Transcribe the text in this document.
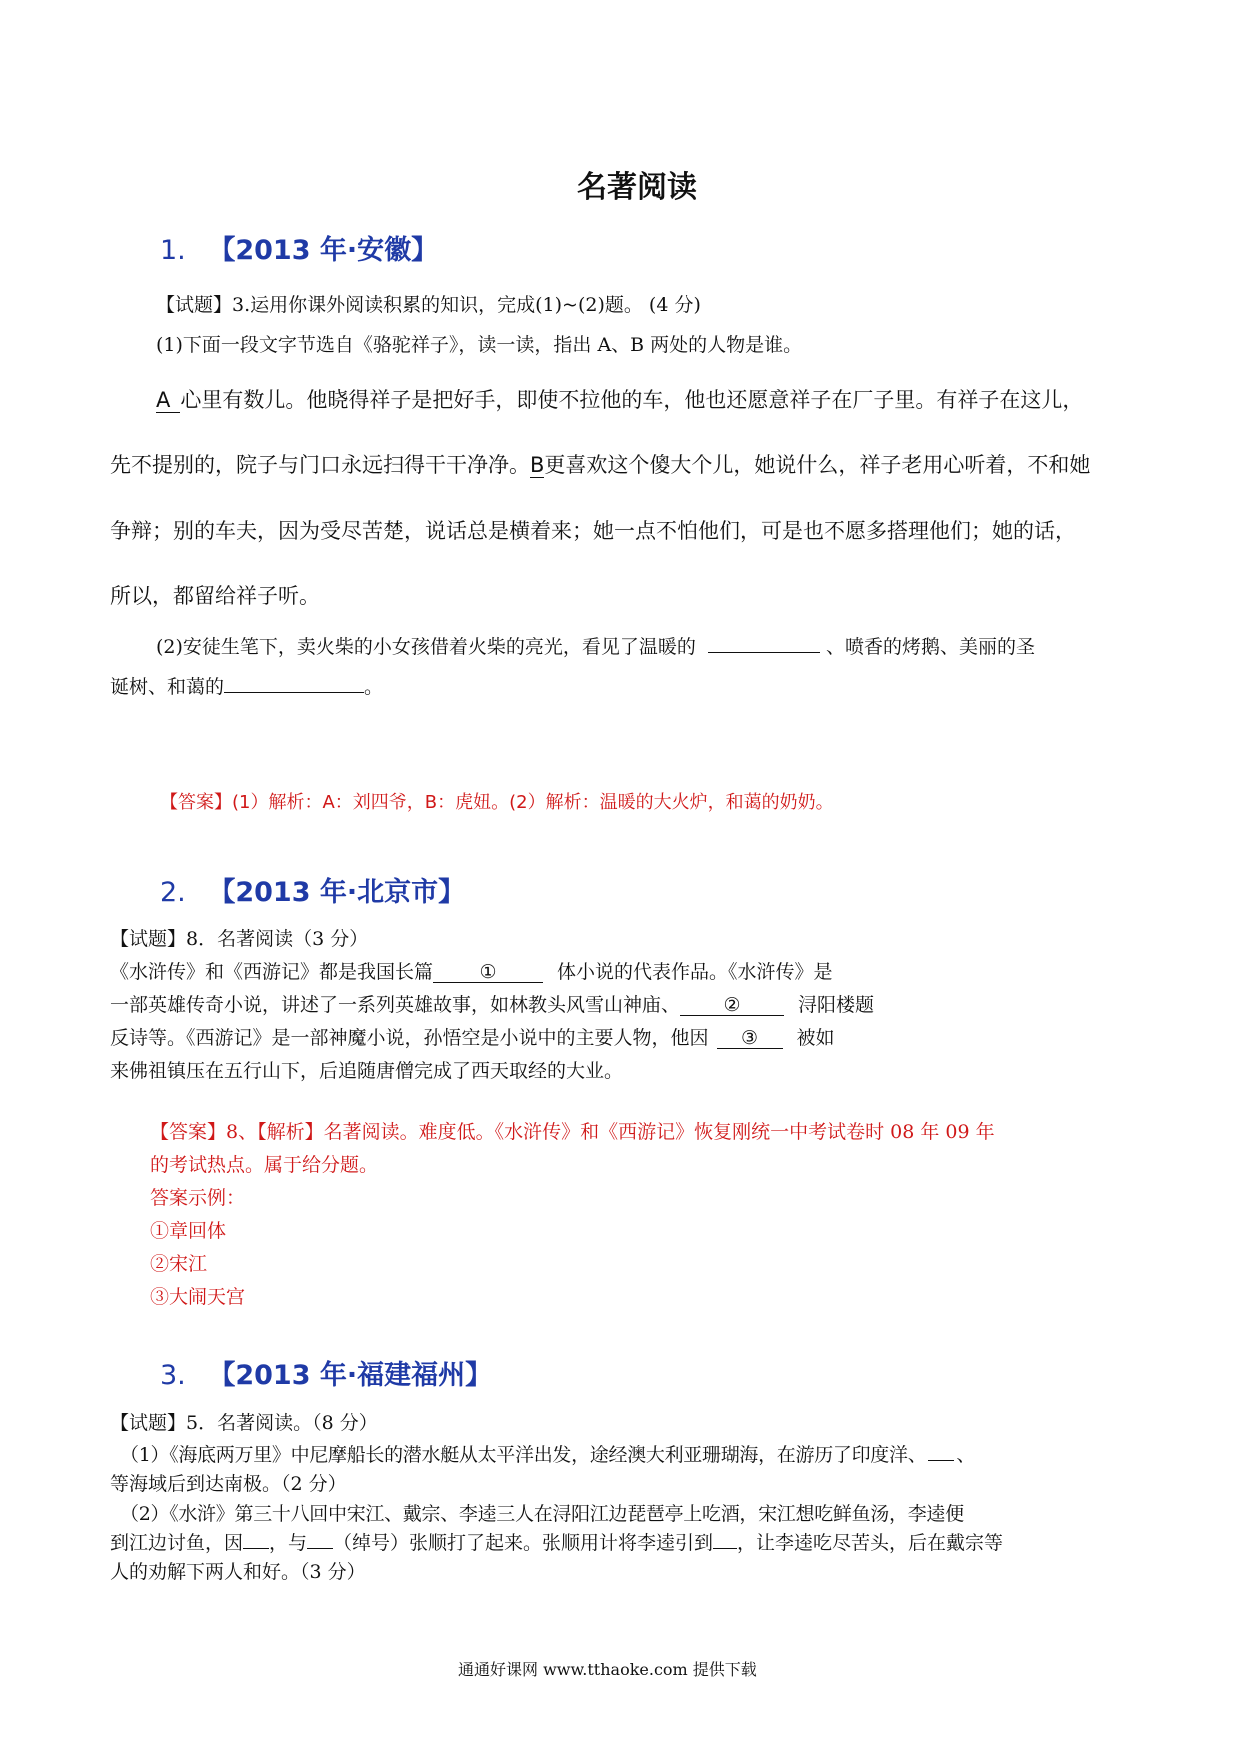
名著阅读
1. 【2013 年·安徽】
【试题】3.运用你课外阅读积累的知识，完成(1)~(2)题。 (4 分)
(1)下面一段文字节选自《骆驼祥子》，读一读，指出 A、B 两处的人物是谁。
A 心里有数儿。他晓得祥子是把好手，即使不拉他的车，他也还愿意祥子在厂子里。有祥子在这儿，
先不提别的，院子与门口永远扫得干干净净。B更喜欢这个傻大个儿，她说什么，祥子老用心听着，不和她
争辩；别的车夫，因为受尽苦楚，说话总是横着来；她一点不怕他们，可是也不愿多搭理他们；她的话，
所以，都留给祥子听。
(2)安徒生笔下，卖火柴的小女孩借着火柴的亮光，看见了温暖的	、喷香的烤鹅、美丽的圣
诞树、和蔼的	。
【答案】(1）解析：A：刘四爷，B：虎妞。(2）解析：温暖的大火炉，和蔼的奶奶。
2. 【2013 年·北京市】
【试题】8．名著阅读（3 分）
《水浒传》和《西游记》都是我国长篇 ①	体小说的代表作品。《水浒传》是
一部英雄传奇小说，讲述了一系列英雄故事，如林教头风雪山神庙、 ②	浔阳楼题
反诗等。《西游记》是一部神魔小说，孙悟空是小说中的主要人物，他因 ③ 被如
来佛祖镇压在五行山下，后追随唐僧完成了西天取经的大业。
【答案】8、【解析】名著阅读。难度低。《水浒传》和《西游记》恢复刚统一中考试卷时 08 年 09 年
的考试热点。属于给分题。
答案示例：
①章回体
②宋江
③大闹天宫
3. 【2013 年·福建福州】
【试题】5．名著阅读。（8 分）
（1）《海底两万里》中尼摩船长的潜水艇从太平洋出发，途经澳大利亚珊瑚海，在游历了印度洋、 、
等海域后到达南极。（2 分）
（2）《水浒》第三十八回中宋江、戴宗、李逵三人在浔阳江边琵琶亭上吃酒，宋江想吃鲜鱼汤，李逵便
到江边讨鱼，因 ，与 （绰号）张顺打了起来。张顺用计将李逵引到 ，让李逵吃尽苦头，后在戴宗等
人的劝解下两人和好。（3 分）
通通好课网 www.tthaoke.com 提供下载
